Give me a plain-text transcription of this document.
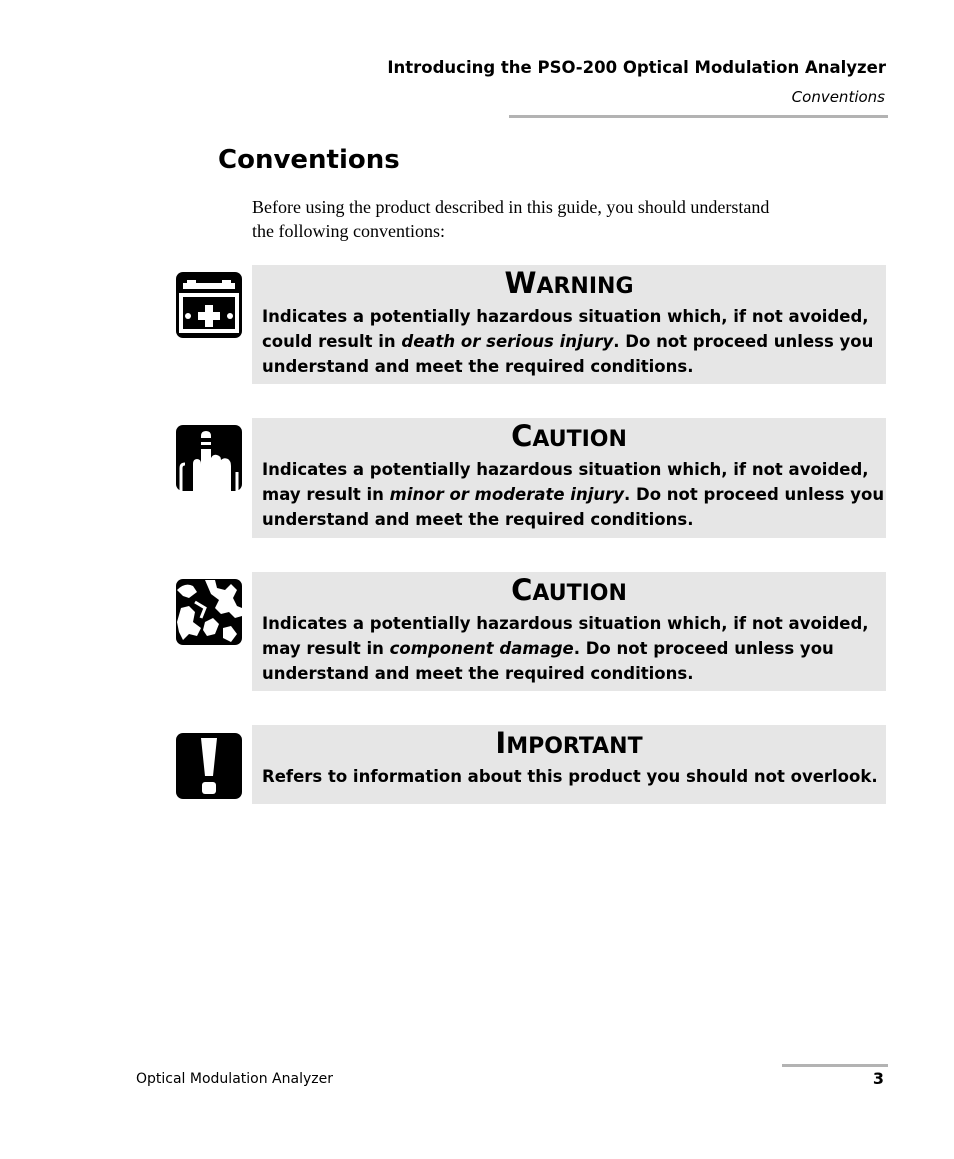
Introducing the PSO-200 Optical Modulation Analyzer
Conventions
Conventions
Before using the product described in this guide, you should understand
the following conventions:
WARNING
Indicates a potentially hazardous situation which, if not avoided,
could result in death or serious injury. Do not proceed unless you
understand and meet the required conditions.
CAUTION
Indicates a potentially hazardous situation which, if not avoided,
may result in minor or moderate injury. Do not proceed unless you
understand and meet the required conditions.
CAUTION
Indicates a potentially hazardous situation which, if not avoided,
may result in component damage. Do not proceed unless you
understand and meet the required conditions.
IMPORTANT
Refers to information about this product you should not overlook.
Optical Modulation Analyzer	3
